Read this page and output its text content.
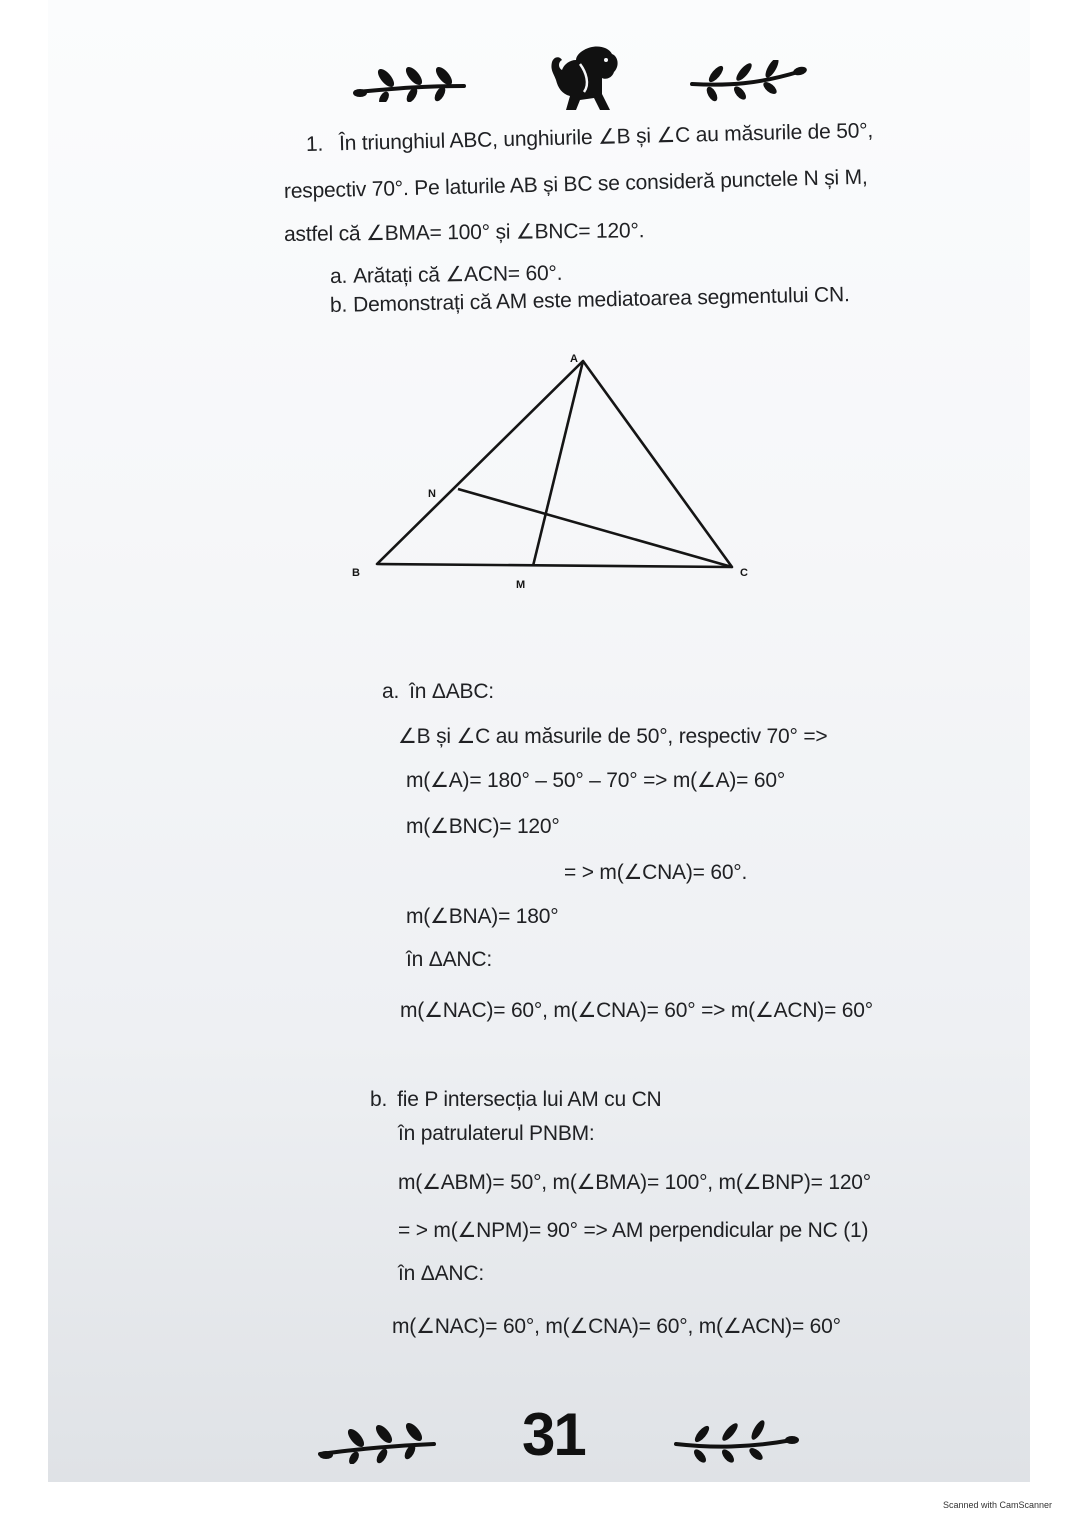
1. În triunghiul ABC, unghiurile ∠B și ∠C au măsurile de 50°,
respectiv 70°. Pe laturile AB și BC se consideră punctele N și M,
astfel că ∠BMA= 100° și ∠BNC= 120°.
a. Arătați că ∠ACN= 60°.
b. Demonstrați că AM este mediatoarea segmentului CN.
A
B	C
N
M
a. în ΔABC:
∠B și ∠C au măsurile de 50°, respectiv 70° =>
m(∠A)= 180° – 50° – 70° => m(∠A)= 60°
m(∠BNC)= 120°
= > m(∠CNA)= 60°.
m(∠BNA)= 180°
în ΔANC:
m(∠NAC)= 60°, m(∠CNA)= 60° => m(∠ACN)= 60°
b. fie P intersecția lui AM cu CN
în patrulaterul PNBM:
m(∠ABM)= 50°, m(∠BMA)= 100°, m(∠BNP)= 120°
= > m(∠NPM)= 90° => AM perpendicular pe NC (1)
în ΔANC:
m(∠NAC)= 60°, m(∠CNA)= 60°, m(∠ACN)= 60°
31
Scanned with CamScanner
